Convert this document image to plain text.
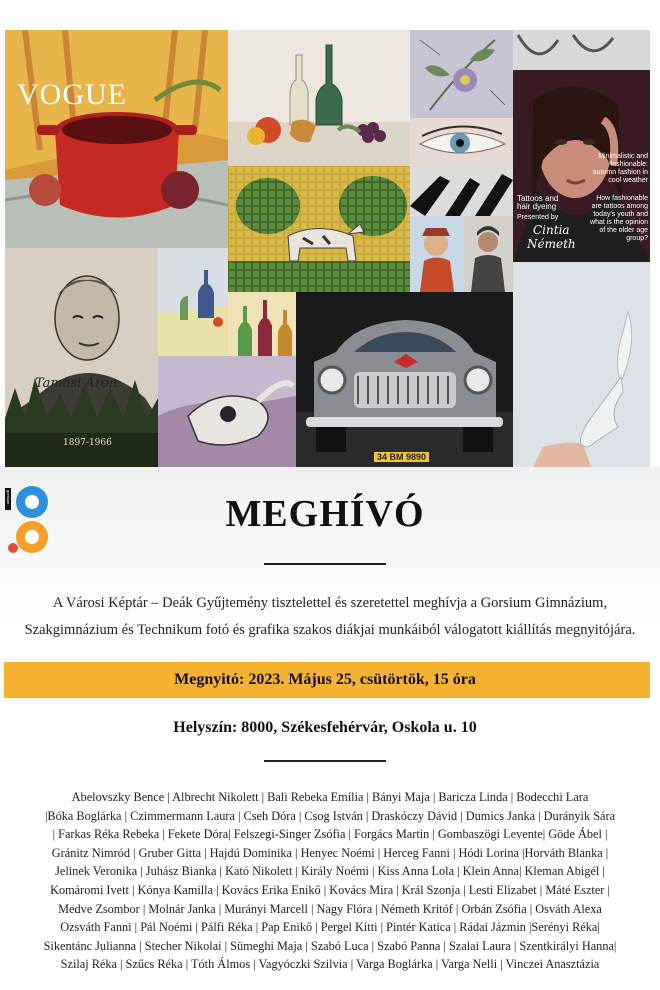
VOGUE
Minimalistic and fashionable: autumn fashion in cool weather
How fashionable are tattoos among today's youth and what is the opinion of the older age group?
Tattoos and hair dyeing
Presented by
Cintia
Németh
Tamási Áron
1897-1966
34 BM 9890
gorsium	MEGHÍVÓ
A Városi Képtár – Deák Gyűjtemény tisztelettel és szeretettel meghívja a Gorsium Gimnázium,
Szakgimnázium és Technikum fotó és grafika szakos diákjai munkáiból válogatott kiállítás megnyitójára.
Megnyitó: 2023. Május 25, csütörtök, 15 óra
Helyszín: 8000, Székesfehérvár, Oskola u. 10
Abelovszky Bence | Albrecht Nikolett | Bali Rebeka Emília | Bányi Maja | Baricza Linda | Bodecchi Lara
|Bóka Boglárka | Czimmermann Laura | Cseh Dóra | Csog István | Draskóczy Dávid | Dumics Janka | Durányik Sára
| Farkas Réka Rebeka | Fekete Dóra| Felszegi-Singer Zsófia | Forgács Martin | Gombaszögi Levente| Göde Ábel |
Gránitz Nimród | Gruber Gitta | Hajdú Dominika | Henyec Noémi | Herceg Fanni | Hódi Lorina |Horváth Blanka |
Jelinek Veronika | Juhász Bianka | Kató Nikolett | Király Noémi | Kiss Anna Lola | Klein Anna| Kleman Abigél |
Komáromi Ivett | Kónya Kamilla | Kovács Erika Enikő | Kovács Mira | Král Szonja | Lesti Elizabet | Máté Eszter |
Medve Zsombor | Molnár Janka | Murányi Marcell | Nagy Flóra | Németh Kritóf | Orbán Zsófia | Osváth Alexa
Ozsváth Fanni | Pál Noémi | Pálfi Réka | Pap Enikő | Pergel Kitti | Pintér Katica | Rádai Jázmin |Serényi Réka|
Sikentánc Julianna | Stecher Nikolai | Sümeghi Maja | Szabó Luca | Szabó Panna | Szalai Laura | Szentkirályi Hanna|
Szilaj Réka | Szűcs Réka | Tóth Álmos | Vagyóczki Szilvia | Varga Boglárka | Varga Nelli | Vinczei Anasztázia
